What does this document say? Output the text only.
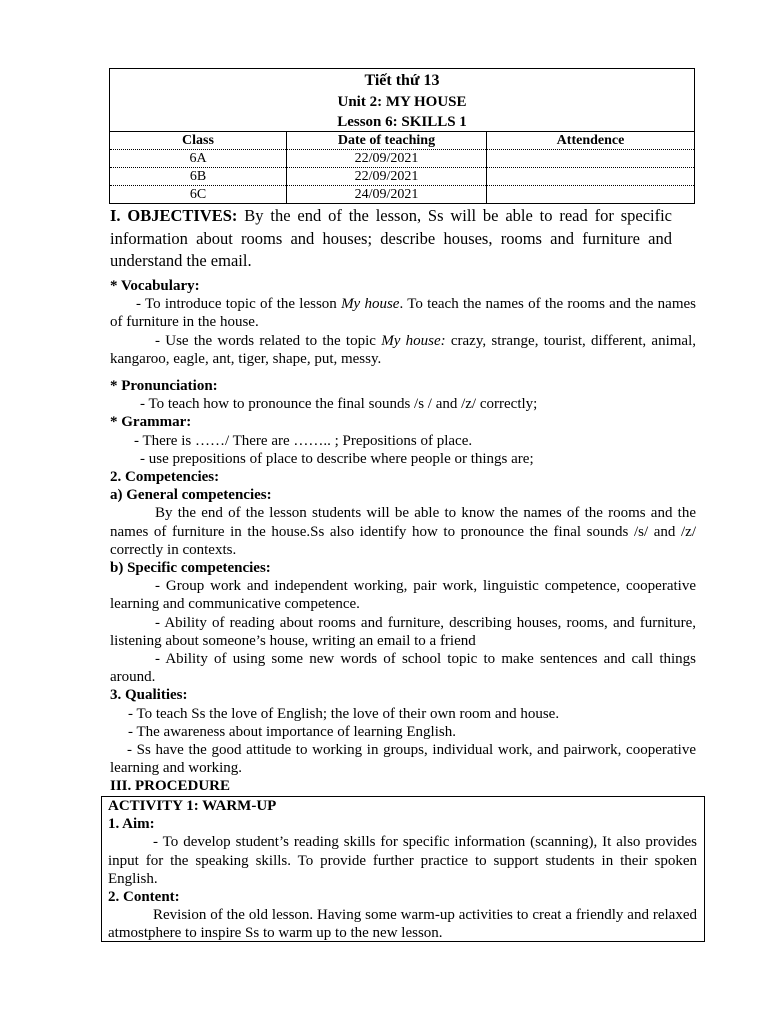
Tiết thứ 13
Unit 2: MY HOUSE
Lesson 6: SKILLS 1
Class	Date of teaching	Attendence
6A	22/09/2021	
6B	22/09/2021	
6C	24/09/2021	
I. OBJECTIVES: By the end of the lesson, Ss will be able to read for specific information about rooms and houses; describe houses, rooms and furniture and understand the email.

* Vocabulary:

- To introduce topic of the lesson My house. To teach the names of the rooms and the names of furniture in the house.

- Use the words related to the topic My house: crazy, strange, tourist, different, animal, kangaroo, eagle, ant, tiger, shape, put, messy.

* Pronunciation:

- To teach how to pronounce the final sounds /s / and /z/ correctly;

* Grammar:

- There is ……/ There are …….. ; Prepositions of place.

- use prepositions of place to describe where people or things are;

2. Competencies:

a) General competencies:

By the end of the lesson students will be able to know the names of the rooms and the names of furniture in the house.Ss also identify how to pronounce the final sounds /s/ and /z/ correctly in contexts.

b) Specific competencies:

- Group work and independent working, pair work, linguistic competence, cooperative learning and communicative competence.

- Ability of reading about rooms and furniture, describing houses, rooms, and furniture, listening about someone’s house, writing an email to a friend

- Ability of using some new words of school topic to make sentences and call things around.

3. Qualities:

- To teach Ss the love of English; the love of their own room and house.

- The awareness about importance of learning English.

- Ss have the good attitude to working in groups, individual work, and pairwork, cooperative learning and working.

III. PROCEDURE

ACTIVITY 1: WARM-UP

1. Aim:

- To develop student’s reading skills for specific information (scanning), It also provides input for the speaking skills. To provide further practice to support students in their spoken English.

2. Content:

Revision of the old lesson. Having some warm-up activities to creat a friendly and relaxed atmostphere to inspire Ss to warm up to the new lesson.
